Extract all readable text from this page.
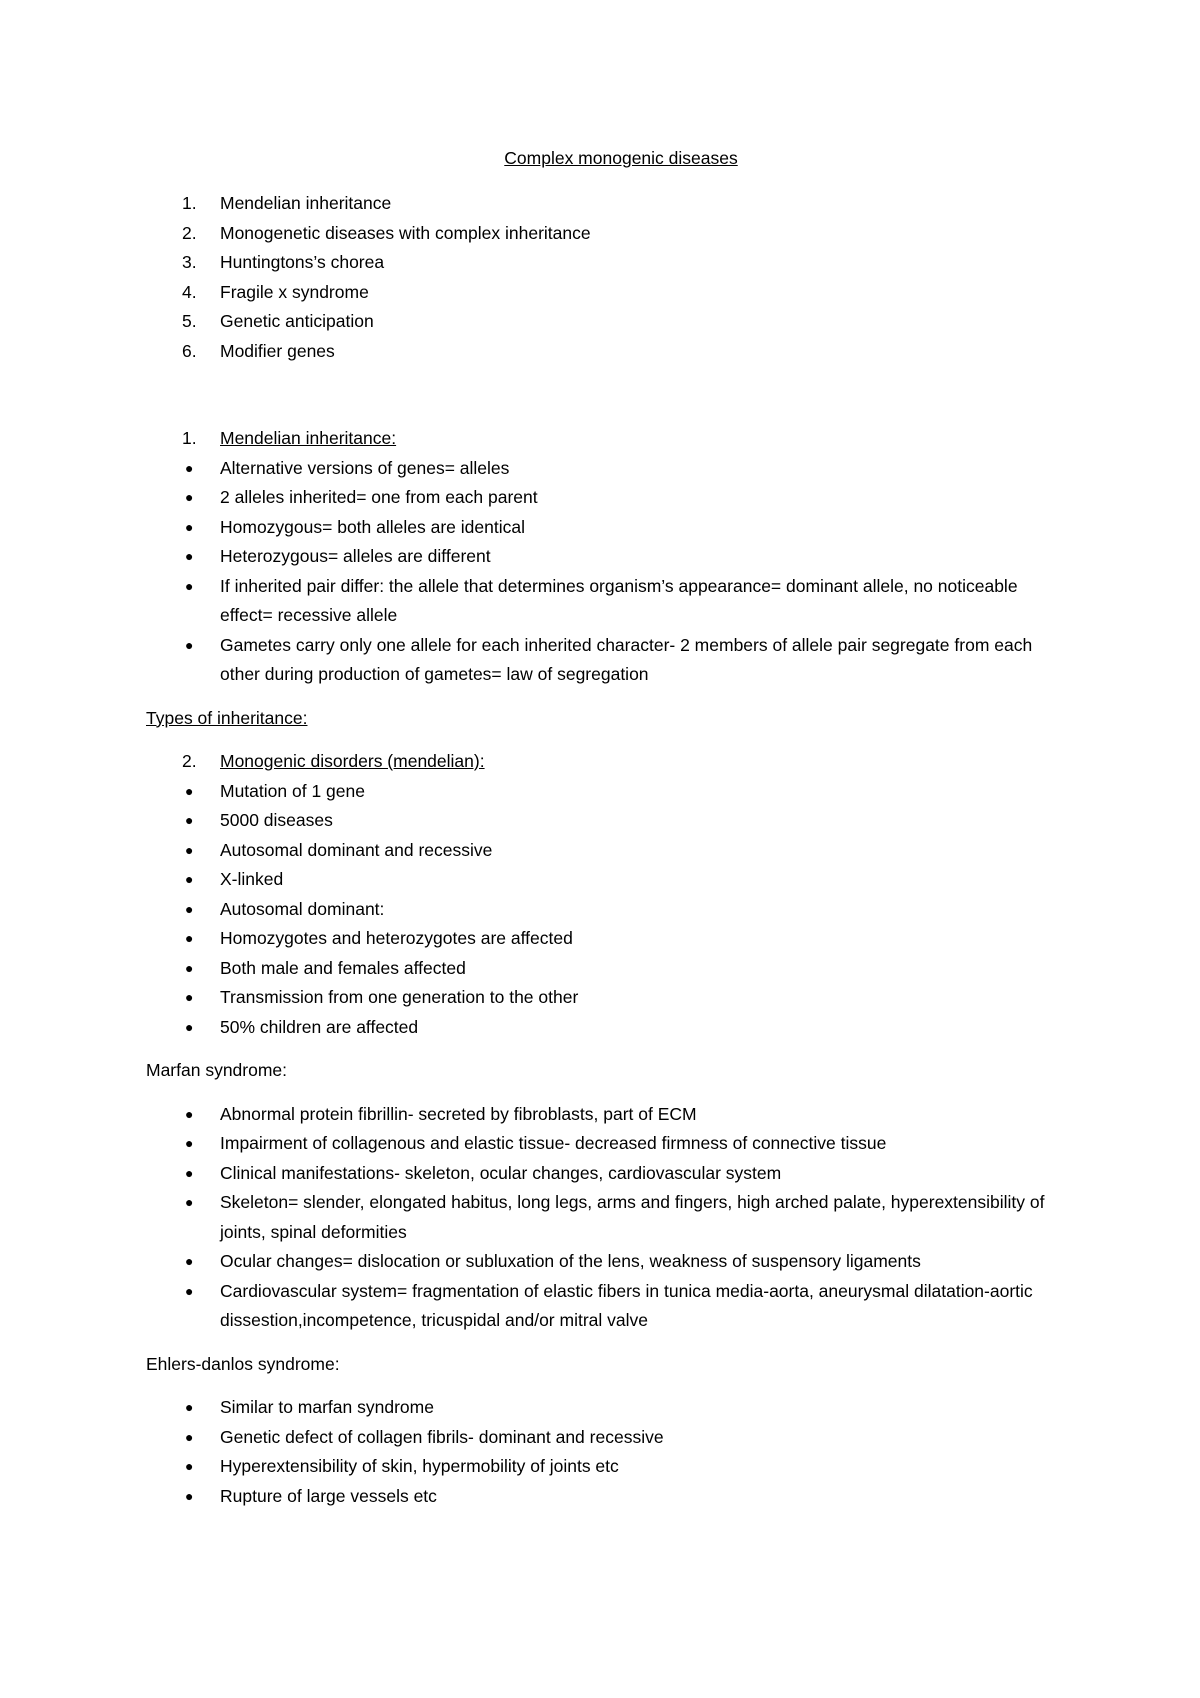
Complex monogenic diseases
1.	Mendelian inheritance
2.	Monogenetic diseases with complex inheritance
3.	Huntingtons’s chorea
4.	Fragile x syndrome
5.	Genetic anticipation
6.	Modifier genes
1.	Mendelian inheritance:
● Alternative versions of genes= alleles
● 2 alleles inherited= one from each parent
● Homozygous= both alleles are identical
● Heterozygous= alleles are different
● If inherited pair differ: the allele that determines organism’s appearance= dominant allele, no noticeable effect= recessive allele
● Gametes carry only one allele for each inherited character- 2 members of allele pair segregate from each other during production of gametes= law of segregation

Types of inheritance:

2.	Monogenic disorders (mendelian):
● Mutation of 1 gene
● 5000 diseases
● Autosomal dominant and recessive
● X-linked
● Autosomal dominant:
● Homozygotes and heterozygotes are affected
● Both male and females affected
● Transmission from one generation to the other
● 50% children are affected

Marfan syndrome:

● Abnormal protein fibrillin- secreted by fibroblasts, part of ECM
● Impairment of collagenous and elastic tissue- decreased firmness of connective tissue
● Clinical manifestations- skeleton, ocular changes, cardiovascular system
● Skeleton= slender, elongated habitus, long legs, arms and fingers, high arched palate, hyperextensibility of joints, spinal deformities
● Ocular changes= dislocation or subluxation of the lens, weakness of suspensory ligaments
● Cardiovascular system= fragmentation of elastic fibers in tunica media-aorta, aneurysmal dilatation-aortic dissestion,incompetence, tricuspidal and/or mitral valve

Ehlers-danlos syndrome:

● Similar to marfan syndrome
● Genetic defect of collagen fibrils- dominant and recessive
● Hyperextensibility of skin, hypermobility of joints etc
● Rupture of large vessels etc
